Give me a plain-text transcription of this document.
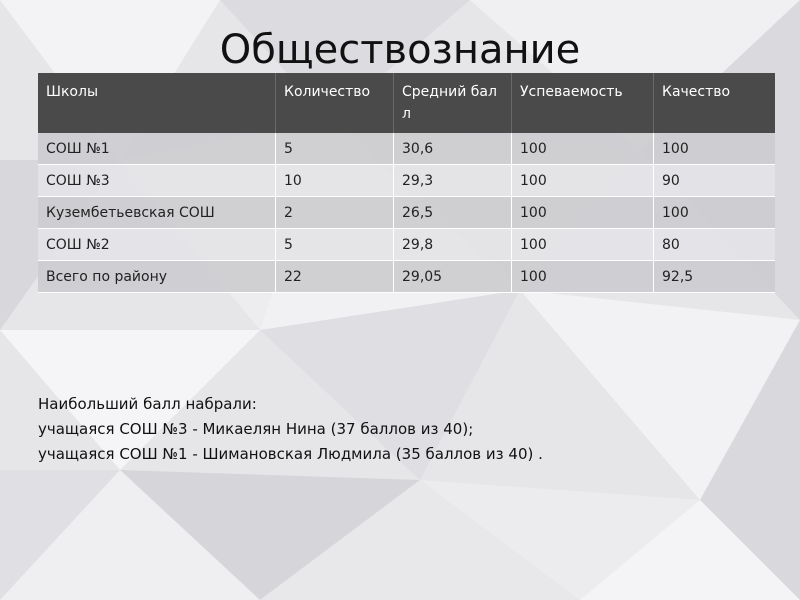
Обществознание
Школы	Количество	Средний балл	Успеваемость	Качество
СОШ №1	5	30,6	100	100
СОШ №3	10	29,3	100	90
Кузембетьевская СОШ	2	26,5	100	100
СОШ №2	5	29,8	100	80
Всего по району	22	29,05	100	92,5
Наибольший балл набрали:
учащаяся СОШ №3 - Микаелян Нина (37 баллов из 40);
учащаяся СОШ №1 - Шимановская Людмила (35 баллов из 40) .
